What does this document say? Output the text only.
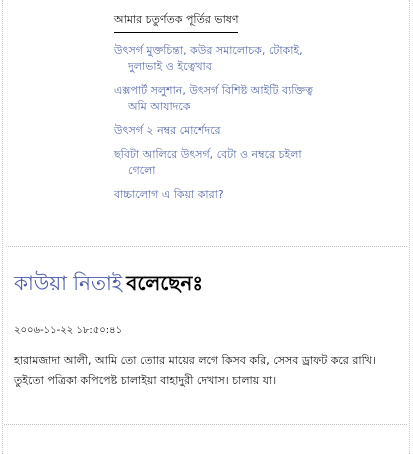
আমার চতুর্ণতক পূর্তির ভাষণ
উৎসর্গ মুক্তচিন্তা, কউর সমালোচক, টোকাই, দুলাভাই ও ইত্বেখাব
এক্সপার্ট সলুশান, উৎসর্গ বিশিষ্ট আইটি ব্যক্তিত্ব অমি আযাদকে
উৎসর্গ ২ নম্বর মোর্শেদরে
ছবিটা আলিরে উৎসর্গ, বেটা ও নম্বরে চইলা গেলো
বাচ্চালোগ এ কিয়া কারা?
কাউয়া নিতাই বলেছেনঃ
২০০৬-১১-২২ ১৮:৫০:৪১
হারামজাদা আলী, আমি তো তোার মায়ের লগে কিসব করি, সেসব ড্রাফট করে রাখি। তুইতো পত্রিকা কপিপেষ্ট চালাইয়া বাহাদুরী দেখাস। চালায় যা।
